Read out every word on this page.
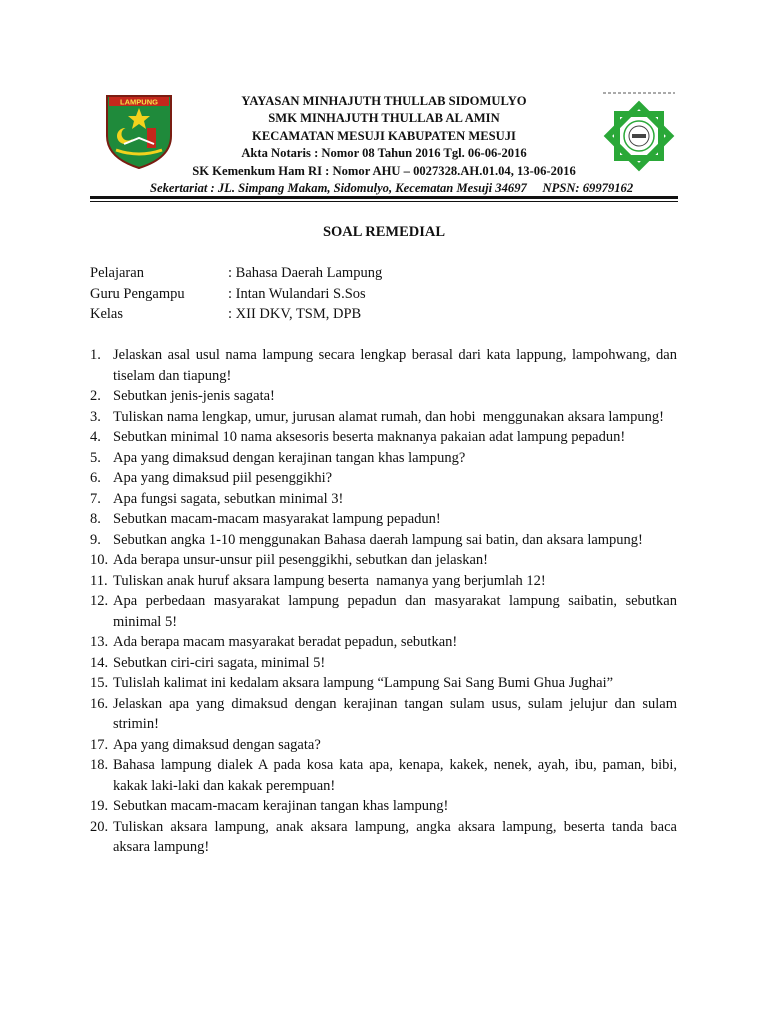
LAMPUNG	YAYASAN MINHAJUTH THULLAB SIDOMULYO
SMK MINHAJUTH THULLAB AL AMIN
KECAMATAN MESUJI KABUPATEN MESUJI
Akta Notaris : Nomor 08 Tahun 2016 Tgl. 06-06-2016
SK Kemenkum Ham RI : Nomor AHU – 0027328.AH.01.04, 13-06-2016
Sekertariat : JL. Simpang Makam, Sidomulyo, Kecematan Mesuji 34697     NPSN: 69979162
SOAL REMEDIAL
Pelajaran	: Bahasa Daerah Lampung
Guru Pengampu	: Intan Wulandari S.Sos
Kelas	: XII DKV, TSM, DPB
1. Jelaskan asal usul nama lampung secara lengkap berasal dari kata lappung, lampohwang, dan tiselam dan tiapung!
2. Sebutkan jenis-jenis sagata!
3. Tuliskan nama lengkap, umur, jurusan alamat rumah, dan hobi  menggunakan aksara lampung!
4. Sebutkan minimal 10 nama aksesoris beserta maknanya pakaian adat lampung pepadun!
5. Apa yang dimaksud dengan kerajinan tangan khas lampung?
6. Apa yang dimaksud piil pesenggikhi?
7. Apa fungsi sagata, sebutkan minimal 3!
8. Sebutkan macam-macam masyarakat lampung pepadun!
9. Sebutkan angka 1-10 menggunakan Bahasa daerah lampung sai batin, dan aksara lampung!
10. Ada berapa unsur-unsur piil pesenggikhi, sebutkan dan jelaskan!
11. Tuliskan anak huruf aksara lampung beserta  namanya yang berjumlah 12!
12. Apa perbedaan masyarakat lampung pepadun dan masyarakat lampung saibatin, sebutkan minimal 5!
13. Ada berapa macam masyarakat beradat pepadun, sebutkan!
14. Sebutkan ciri-ciri sagata, minimal 5!
15. Tulislah kalimat ini kedalam aksara lampung “Lampung Sai Sang Bumi Ghua Jughai”
16. Jelaskan apa yang dimaksud dengan kerajinan tangan sulam usus, sulam jelujur dan sulam strimin!
17. Apa yang dimaksud dengan sagata?
18. Bahasa lampung dialek A pada kosa kata apa, kenapa, kakek, nenek, ayah, ibu, paman, bibi, kakak laki-laki dan kakak perempuan!
19. Sebutkan macam-macam kerajinan tangan khas lampung!
20. Tuliskan aksara lampung, anak aksara lampung, angka aksara lampung, beserta tanda baca aksara lampung!
